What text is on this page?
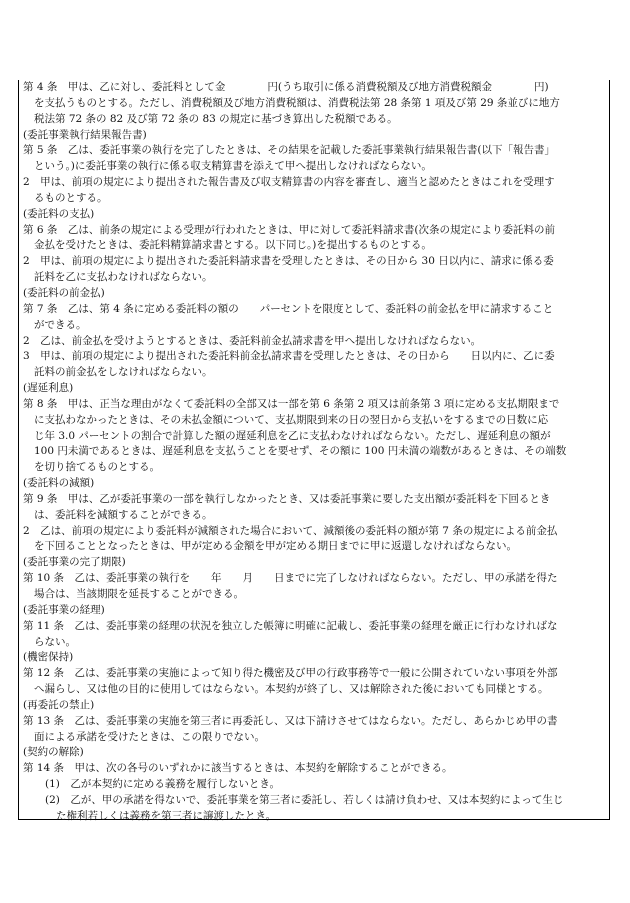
第 4 条　甲は、乙に対し、委託料として金　　　　円(うち取引に係る消費税額及び地方消費税額金　　　　円)
を支払うものとする。ただし、消費税額及び地方消費税額は、消費税法第 28 条第 1 項及び第 29 条並びに地方
税法第 72 条の 82 及び第 72 条の 83 の規定に基づき算出した税額である。
(委託事業執行結果報告書)
第 5 条　乙は、委託事業の執行を完了したときは、その結果を記載した委託事業執行結果報告書(以下「報告書」
という。)に委託事業の執行に係る収支精算書を添えて甲へ提出しなければならない。
2　甲は、前項の規定により提出された報告書及び収支精算書の内容を審査し、適当と認めたときはこれを受理す
るものとする。
(委託料の支払)
第 6 条　乙は、前条の規定による受理が行われたときは、甲に対して委託料請求書(次条の規定により委託料の前
金払を受けたときは、委託料精算請求書とする。以下同じ。)を提出するものとする。
2　甲は、前項の規定により提出された委託料請求書を受理したときは、その日から 30 日以内に、請求に係る委
託料を乙に支払わなければならない。
(委託料の前金払)
第 7 条　乙は、第 4 条に定める委託料の額の　　パーセントを限度として、委託料の前金払を甲に請求すること
ができる。
2　乙は、前金払を受けようとするときは、委託料前金払請求書を甲へ提出しなければならない。
3　甲は、前項の規定により提出された委託料前金払請求書を受理したときは、その日から　　日以内に、乙に委
託料の前金払をしなければならない。
(遅延利息)
第 8 条　甲は、正当な理由がなくて委託料の全部又は一部を第 6 条第 2 項又は前条第 3 項に定める支払期限まで
に支払わなかったときは、その未払金額について、支払期限到来の日の翌日から支払いをするまでの日数に応
じ年 3.0 パーセントの割合で計算した額の遅延利息を乙に支払わなければならない。ただし、遅延利息の額が
100 円未満であるときは、遅延利息を支払うことを要せず、その額に 100 円未満の端数があるときは、その端数
を切り捨てるものとする。
(委託料の減額)
第 9 条　甲は、乙が委託事業の一部を執行しなかったとき、又は委託事業に要した支出額が委託料を下回るとき
は、委託料を減額することができる。
2　乙は、前項の規定により委託料が減額された場合において、減額後の委託料の額が第 7 条の規定による前金払
を下回ることとなったときは、甲が定める金額を甲が定める期日までに甲に返還しなければならない。
(委託事業の完了期限)
第 10 条　乙は、委託事業の執行を　　年　　月　　日までに完了しなければならない。ただし、甲の承諾を得た
場合は、当該期限を延長することができる。
(委託事業の経理)
第 11 条　乙は、委託事業の経理の状況を独立した帳簿に明確に記載し、委託事業の経理を厳正に行わなければな
らない。
(機密保持)
第 12 条　乙は、委託事業の実施によって知り得た機密及び甲の行政事務等で一般に公開されていない事項を外部
へ漏らし、又は他の目的に使用してはならない。本契約が終了し、又は解除された後においても同様とする。
(再委託の禁止)
第 13 条　乙は、委託事業の実施を第三者に再委託し、又は下請けさせてはならない。ただし、あらかじめ甲の書
面による承諾を受けたときは、この限りでない。
(契約の解除)
第 14 条　甲は、次の各号のいずれかに該当するときは、本契約を解除することができる。
(1)　乙が本契約に定める義務を履行しないとき。
(2)　乙が、甲の承諾を得ないで、委託事業を第三者に委託し、若しくは請け負わせ、又は本契約によって生じ
た権利若しくは義務を第三者に譲渡したとき。
